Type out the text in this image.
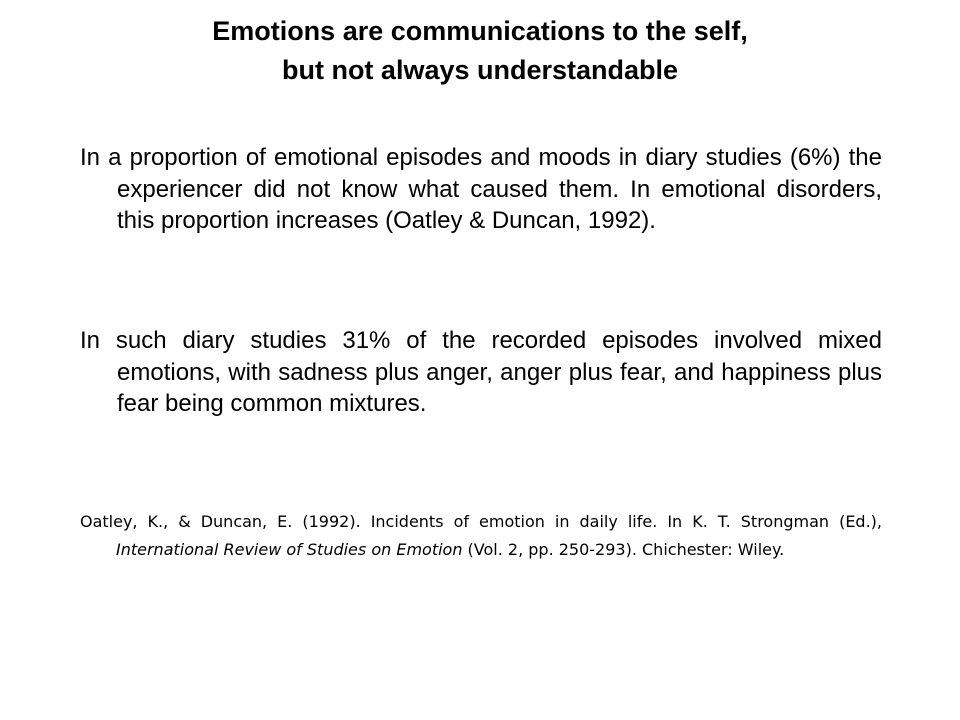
Emotions are communications to the self,
but not always understandable

In a proportion of emotional episodes and moods in diary studies (6%) the experiencer did not know what caused them. In emotional disorders, this proportion increases (Oatley & Duncan, 1992).

In such diary studies 31% of the recorded episodes involved mixed emotions, with sadness plus anger, anger plus fear, and happiness plus fear being common mixtures.

Oatley, K., & Duncan, E. (1992). Incidents of emotion in daily life. In K. T. Strongman (Ed.), International Review of Studies on Emotion (Vol. 2, pp. 250-293). Chichester: Wiley.
